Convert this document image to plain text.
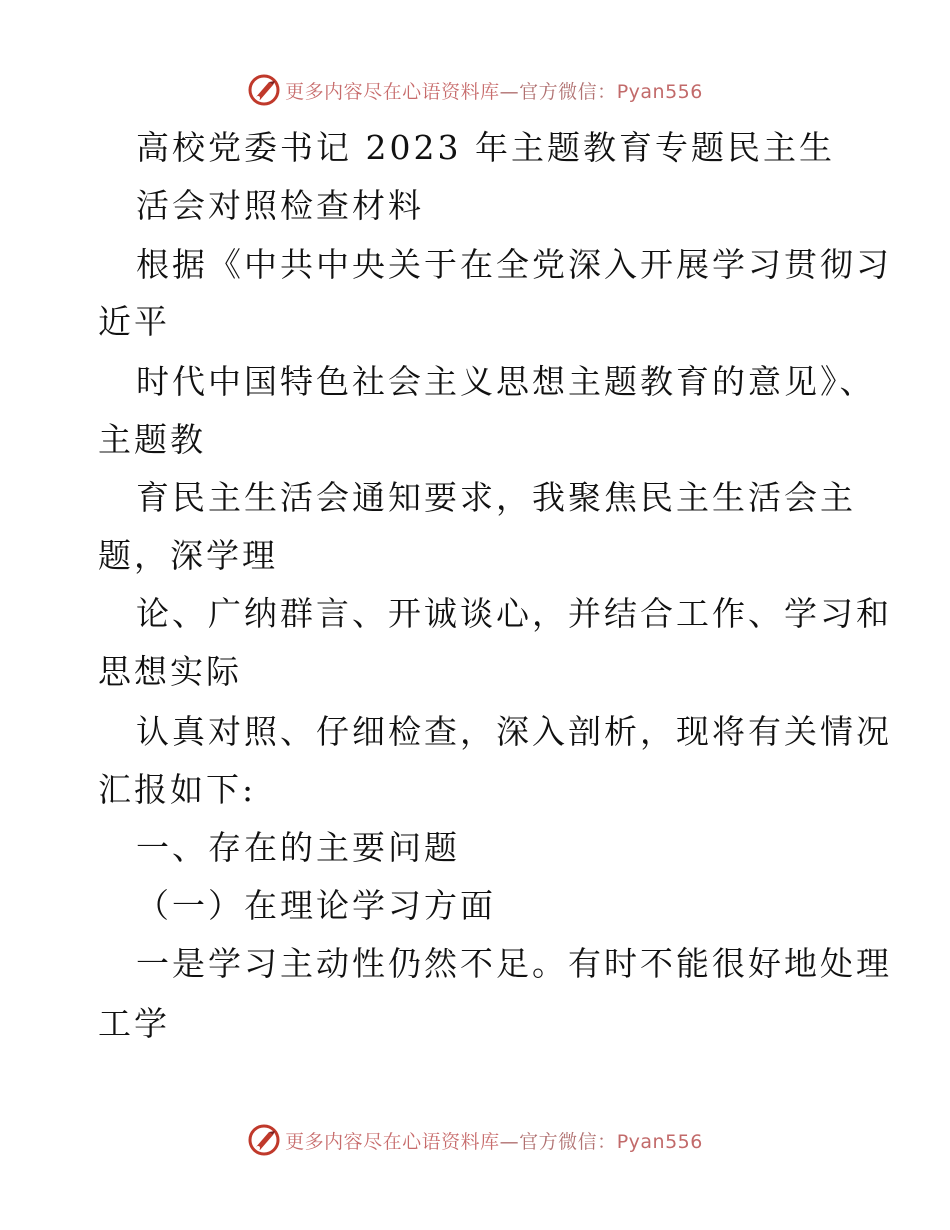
更多内容尽在心语资料库—官方微信：Pyan556
高校党委书记 2023 年主题教育专题民主生
活会对照检查材料
根据《中共中央关于在全党深入开展学习贯彻习
近平
时代中国特色社会主义思想主题教育的意见》、
主题教
育民主生活会通知要求，我聚焦民主生活会主
题，深学理
论、广纳群言、开诚谈心，并结合工作、学习和
思想实际
认真对照、仔细检查，深入剖析，现将有关情况
汇报如下:
一、存在的主要问题
（一）在理论学习方面
一是学习主动性仍然不足。有时不能很好地处理
工学
更多内容尽在心语资料库—官方微信：Pyan556
